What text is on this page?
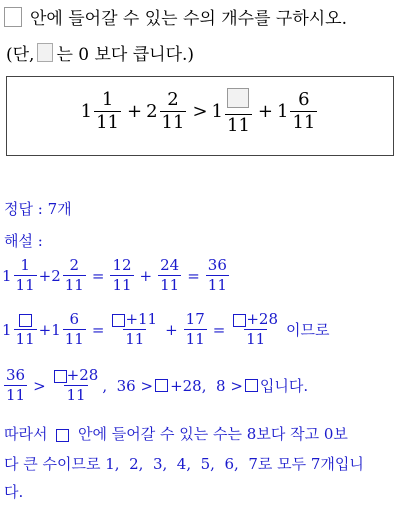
안에 들어갈 수 있는 수의 개수를 구하시오.
(단, 는 0 보다 큽니다.)
$1 \frac{1}{11} + 2 \frac{2}{11} > 1$
11
+ $1 \frac{6}{11}$
정답 : 7개
해설 :
$1 \frac{1}{11} + 2 \frac{2}{11} = \frac{12}{11} + \frac{24}{11} = \frac{36}{11}$
1
11
+ $1 \frac{6}{11} = \frac{+11}{11} + \frac{17}{11} = \frac{+28}{11}$ 이므로
$\frac{36}{11} > \frac{+28}{11}$ ,  36 > +28,  8 > 입니다.
따라서 안에 들어갈 수 있는 수는 8보다 작고 0보
다 큰 수이므로 1,  2,  3,  4,  5,  6,  7로 모두 7개입니
다.
